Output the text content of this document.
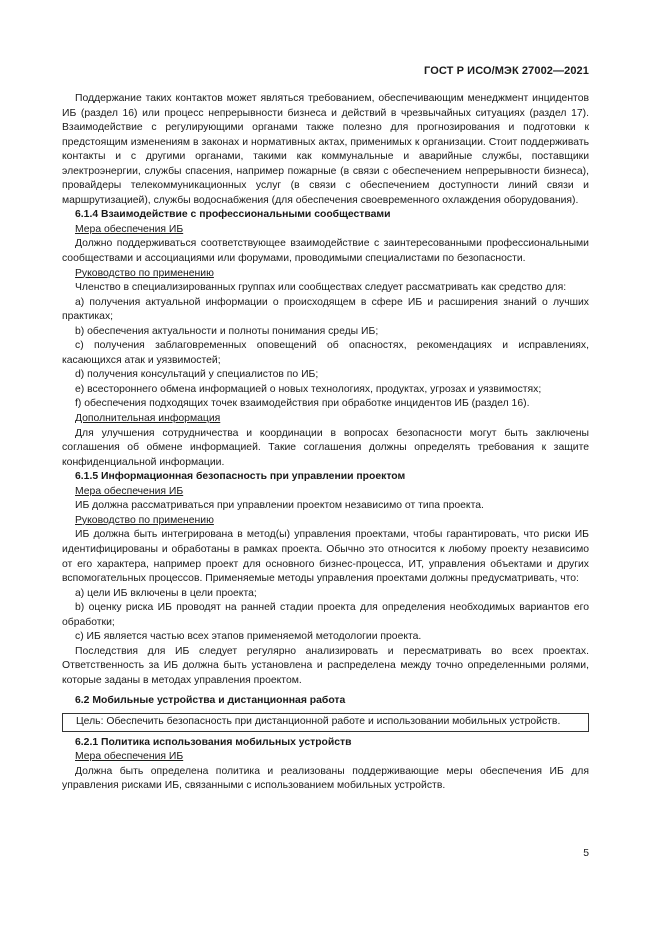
ГОСТ Р ИСО/МЭК 27002—2021

Поддержание таких контактов может являться требованием, обеспечивающим менеджмент инцидентов ИБ (раздел 16) или процесс непрерывности бизнеса и действий в чрезвычайных ситуациях (раздел 17). Взаимодействие с регулирующими органами также полезно для прогнозирования и подготовки к предстоящим изменениям в законах и нормативных актах, применимых к организации. Стоит поддерживать контакты и с другими органами, такими как коммунальные и аварийные службы, поставщики электроэнергии, службы спасения, например пожарные (в связи с обеспечением непрерывности бизнеса), провайдеры телекоммуникационных услуг (в связи с обеспечением доступности линий связи и маршрутизацией), службы водоснабжения (для обеспечения своевременного охлаждения оборудования).

6.1.4 Взаимодействие с профессиональными сообществами
Мера обеспечения ИБ

Должно поддерживаться соответствующее взаимодействие с заинтересованными профессиональными сообществами и ассоциациями или форумами, проводимыми специалистами по безопасности.

Руководство по применению

Членство в специализированных группах или сообществах следует рассматривать как средство для:

a) получения актуальной информации о происходящем в сфере ИБ и расширения знаний о лучших практиках;

b) обеспечения актуальности и полноты понимания среды ИБ;

c) получения заблаговременных оповещений об опасностях, рекомендациях и исправлениях, касающихся атак и уязвимостей;

d) получения консультаций у специалистов по ИБ;

e) всестороннего обмена информацией о новых технологиях, продуктах, угрозах и уязвимостях;

f) обеспечения подходящих точек взаимодействия при обработке инцидентов ИБ (раздел 16).

Дополнительная информация

Для улучшения сотрудничества и координации в вопросах безопасности могут быть заключены соглашения об обмене информацией. Такие соглашения должны определять требования к защите конфиденциальной информации.

6.1.5 Информационная безопасность при управлении проектом
Мера обеспечения ИБ

ИБ должна рассматриваться при управлении проектом независимо от типа проекта.

Руководство по применению

ИБ должна быть интегрирована в метод(ы) управления проектами, чтобы гарантировать, что риски ИБ идентифицированы и обработаны в рамках проекта. Обычно это относится к любому проекту независимо от его характера, например проект для основного бизнес-процесса, ИТ, управления объектами и других вспомогательных процессов. Применяемые методы управления проектами должны предусматривать, что:

a) цели ИБ включены в цели проекта;

b) оценку риска ИБ проводят на ранней стадии проекта для определения необходимых вариантов его обработки;

c) ИБ является частью всех этапов применяемой методологии проекта.

Последствия для ИБ следует регулярно анализировать и пересматривать во всех проектах. Ответственность за ИБ должна быть установлена и распределена между точно определенными ролями, которые заданы в методах управления проектом.

6.2 Мобильные устройства и дистанционная работа

Цель: Обеспечить безопасность при дистанционной работе и использовании мобильных устройств.

6.2.1 Политика использования мобильных устройств
Мера обеспечения ИБ

Должна быть определена политика и реализованы поддерживающие меры обеспечения ИБ для управления рисками ИБ, связанными с использованием мобильных устройств.

5
